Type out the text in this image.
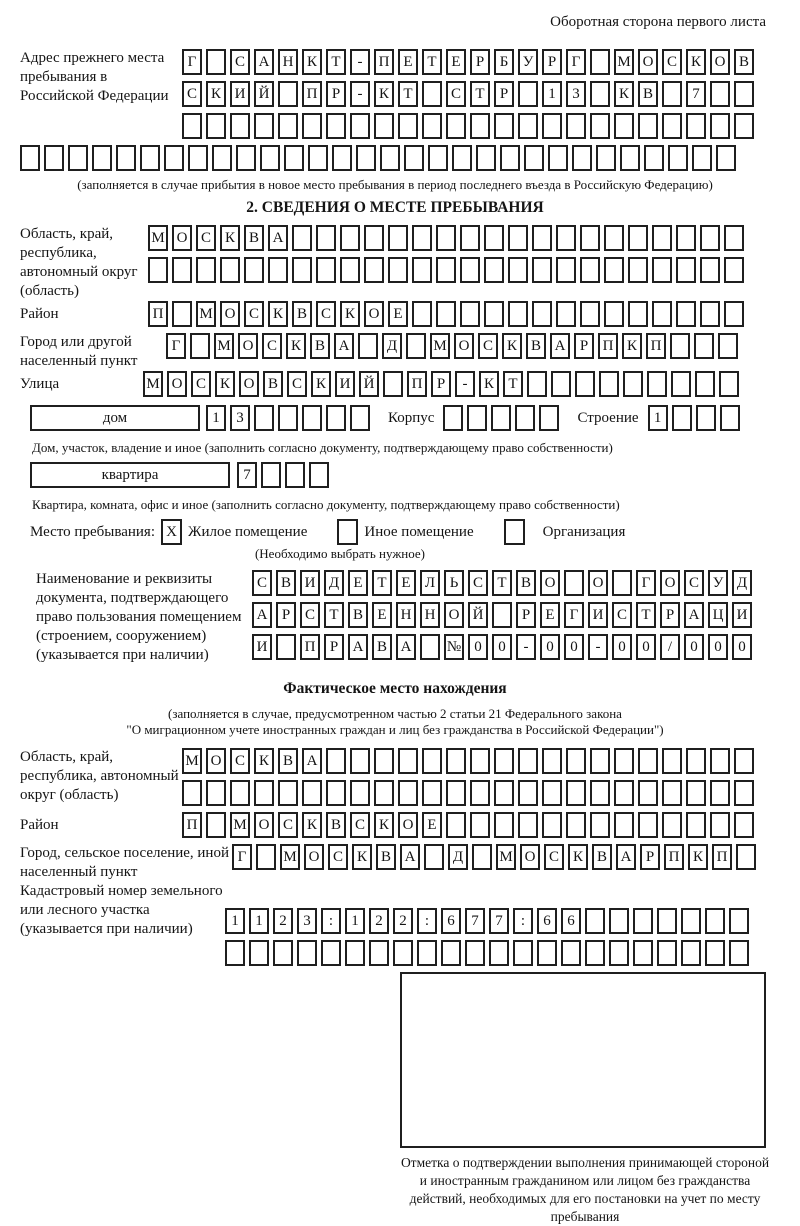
Оборотная сторона первого листа
Адрес прежнего места пребывания в Российской Федерации
Г	С А Н К Т - П Е Т Е Р Б У Р Г М О С К О В
С К И Й П Р - К Т	С Т Р	1 3	К В	7
(заполняется в случае прибытия в новое место пребывания в период последнего въезда в Российскую Федерацию)
2. СВЕДЕНИЯ О МЕСТЕ ПРЕБЫВАНИЯ
Область, край, республика, автономный округ (область)
М О С К В А
Район	П М О С К В С К О Е
Город или другой населенный пункт
Г М О С К В А Д М О С К В А Р П К П
Улица	М О С К О В С К И Й П Р - К Т
дом	1 3	Корпус	Строение	1
Дом, участок, владение и иное (заполнить согласно документу, подтверждающему право собственности)
квартира	7
Квартира, комната, офис и иное (заполнить согласно документу, подтверждающему право собственности)
Место пребывания: X Жилое помещение	Иное помещение	Организация
(Необходимо выбрать нужное)
Наименование и реквизиты документа, подтверждающего право пользования помещением (строением, сооружением) (указывается при наличии)
С В И Д Е Т Е Л Ь С Т В О О	Г О С У Д
А Р С Т В Е Н Н О Й	Р Е Г И С Т Р А Ц И
И П Р А В А № 0 0 - 0 0 - 0 0 / 0 0 0
Фактическое место нахождения
(заполняется в случае, предусмотренном частью 2 статьи 21 Федерального закона
"О миграционном учете иностранных граждан и лиц без гражданства в Российской Федерации")
Область, край, республика, автономный округ (область)
М О С К В А
Район	П М О С К В С К О Е
Город, сельское поселение, иной населенный пункт
Г М О С К В А Д М О С К В А Р П К П
Кадастровый номер земельного или лесного участка (указывается при наличии)	1 1 2 3 : 1 2 2 : 6 7 7 : 6 6
Отметка о подтверждении выполнения принимающей стороной и иностранным гражданином или лицом без гражданства действий, необходимых для его постановки на учет по месту пребывания
